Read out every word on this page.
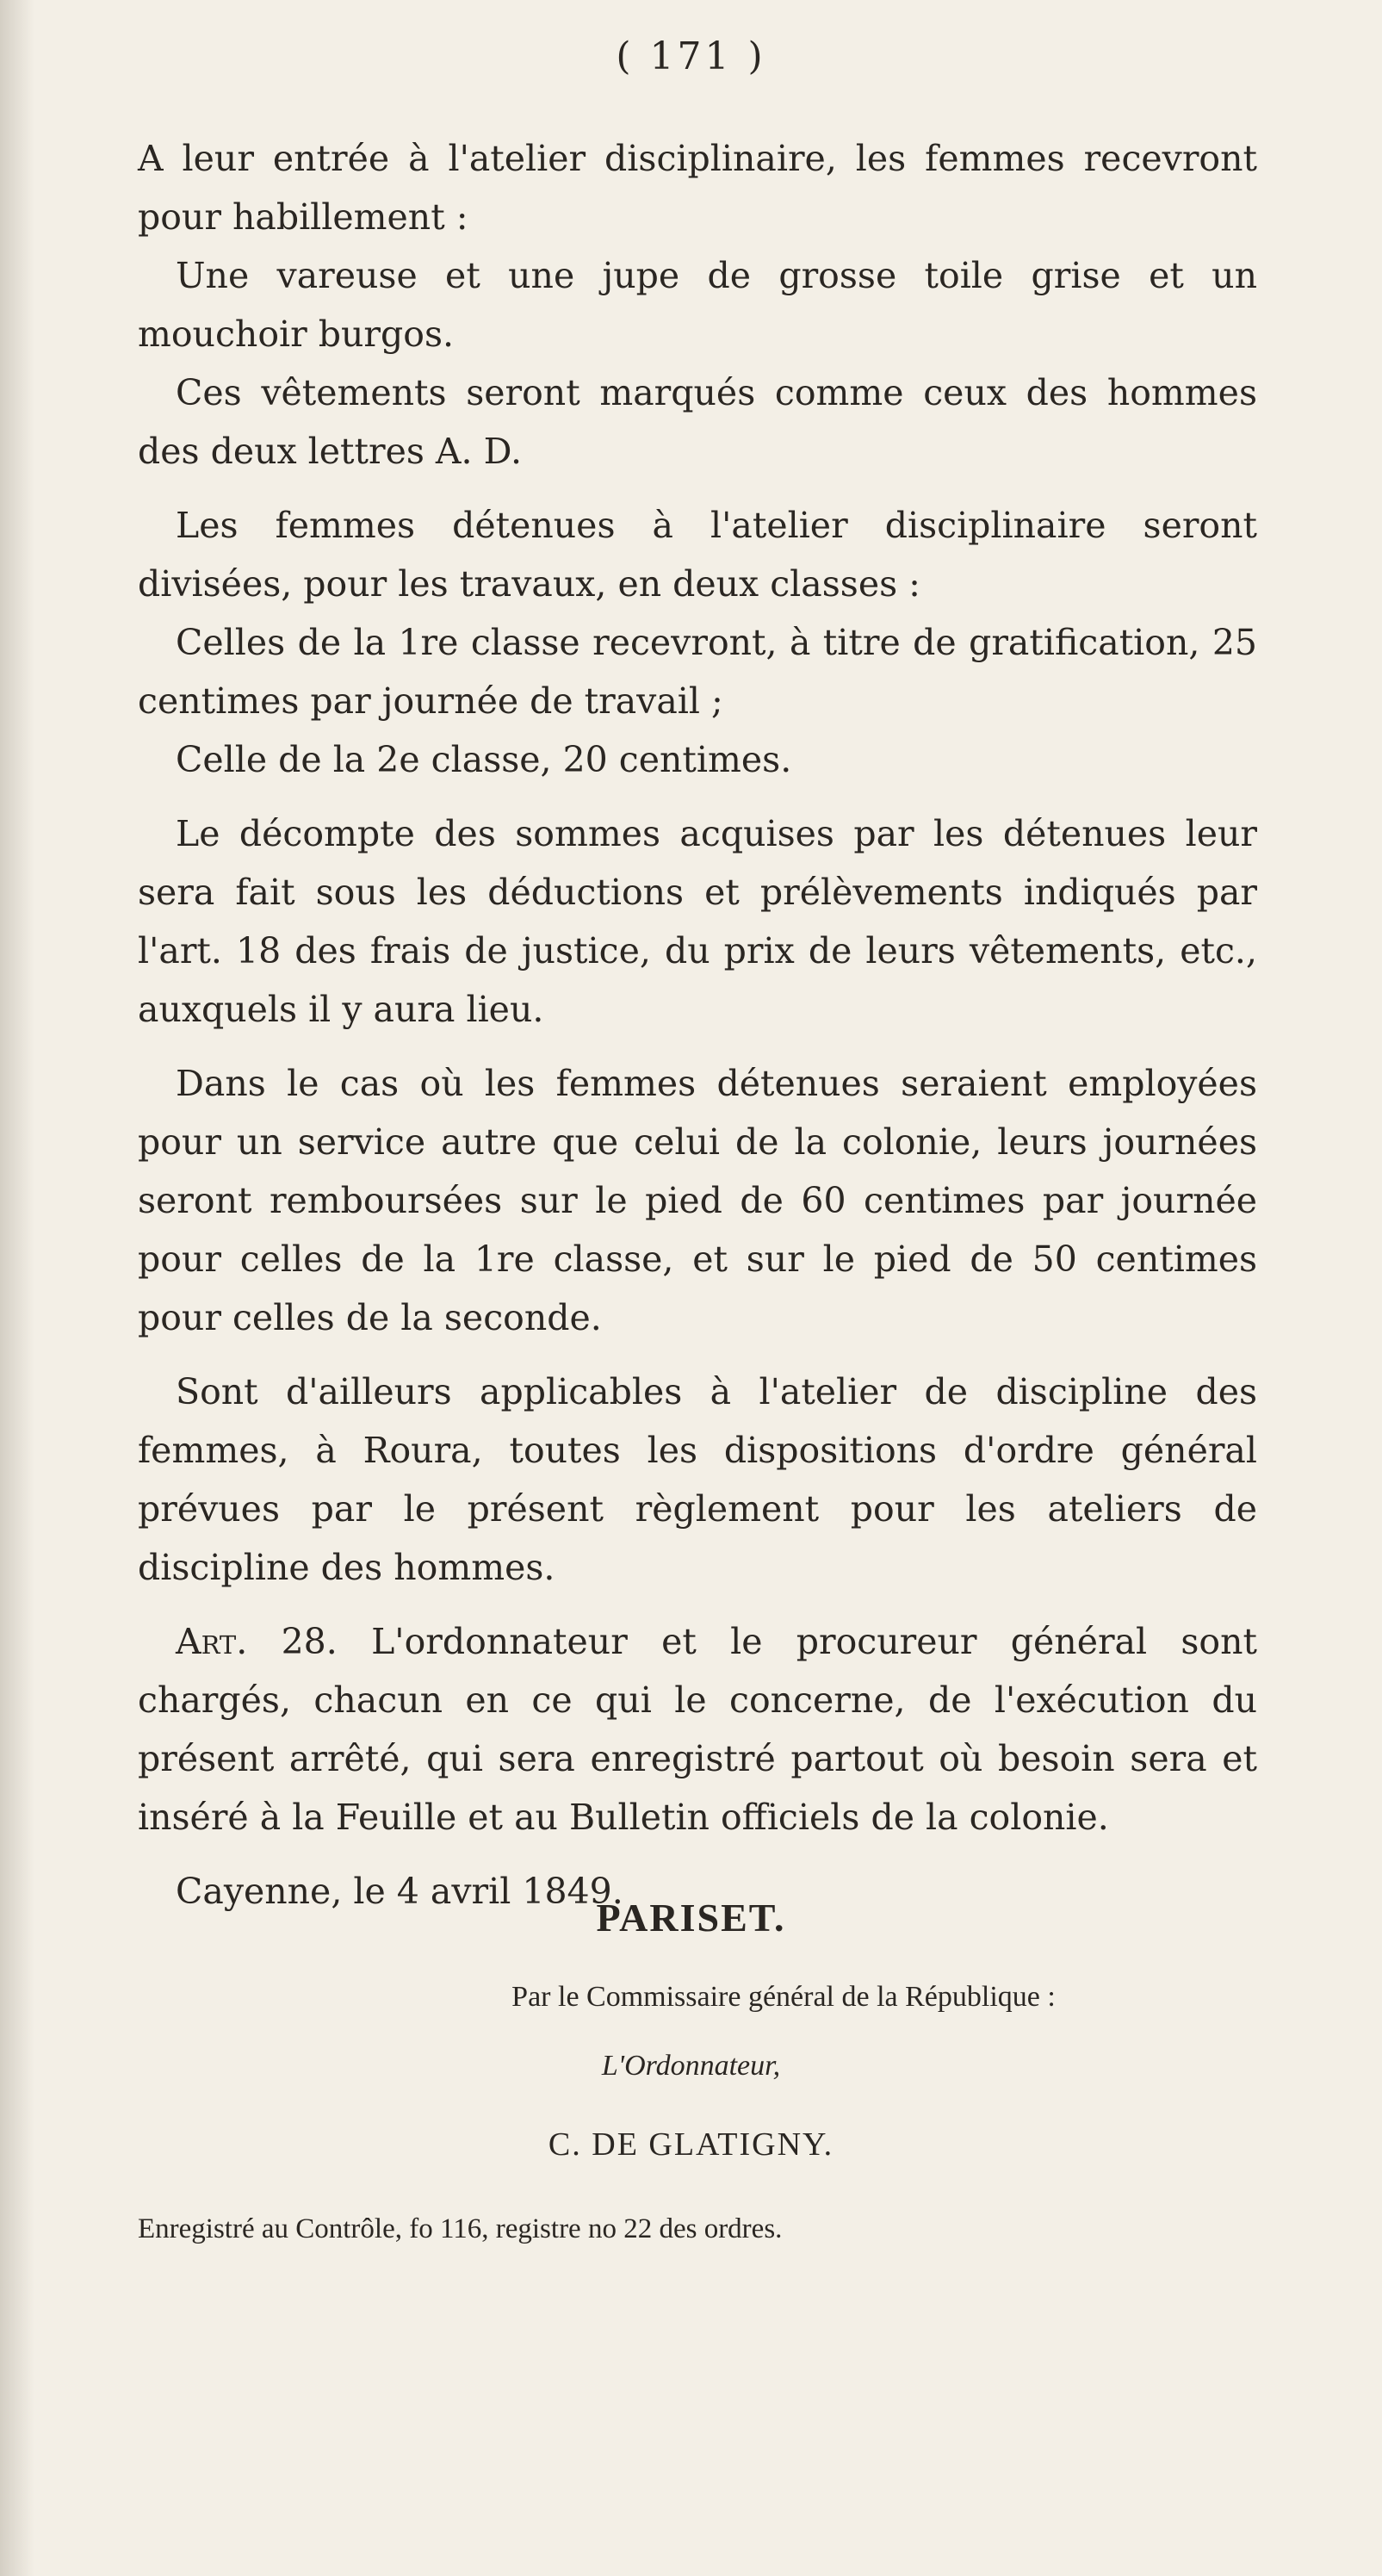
( 171 )

A leur entrée à l'atelier disciplinaire, les femmes recevront pour habillement :

Une vareuse et une jupe de grosse toile grise et un mouchoir burgos.

Ces vêtements seront marqués comme ceux des hommes des deux lettres A. D.

Les femmes détenues à l'atelier disciplinaire seront divisées, pour les travaux, en deux classes :

Celles de la 1re classe recevront, à titre de gratification, 25 centimes par journée de travail ;

Celle de la 2e classe, 20 centimes.

Le décompte des sommes acquises par les détenues leur sera fait sous les déductions et prélèvements indiqués par l'art. 18 des frais de justice, du prix de leurs vêtements, etc., auxquels il y aura lieu.

Dans le cas où les femmes détenues seraient employées pour un service autre que celui de la colonie, leurs journées seront remboursées sur le pied de 60 centimes par journée pour celles de la 1re classe, et sur le pied de 50 centimes pour celles de la seconde.

Sont d'ailleurs applicables à l'atelier de discipline des femmes, à Roura, toutes les dispositions d'ordre général prévues par le présent règlement pour les ateliers de discipline des hommes.

Art. 28. L'ordonnateur et le procureur général sont chargés, chacun en ce qui le concerne, de l'exécution du présent arrêté, qui sera enregistré partout où besoin sera et inséré à la Feuille et au Bulletin officiels de la colonie.

Cayenne, le 4 avril 1849.

PARISET.
Par le Commissaire général de la République :
L'Ordonnateur,
C. DE GLATIGNY.
Enregistré au Contrôle, fo 116, registre no 22 des ordres.
